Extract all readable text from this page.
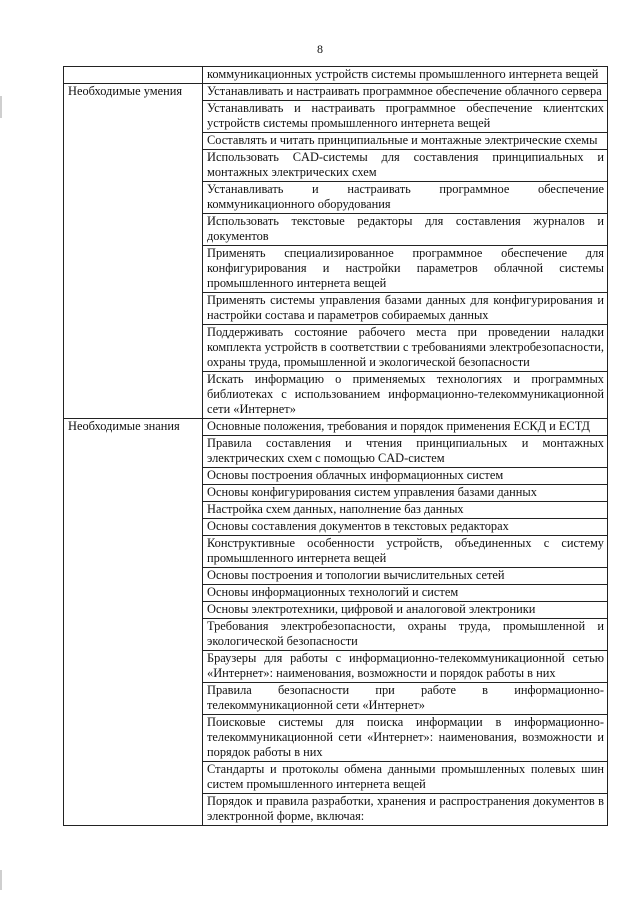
8
	коммуникационных устройств системы промышленного интернета вещей
Необходимые умения	Устанавливать и настраивать программное обеспечение облачного сервера
	Устанавливать и настраивать программное обеспечение клиентских устройств системы промышленного интернета вещей
	Составлять и читать принципиальные и монтажные электрические схемы
	Использовать CAD-системы для составления принципиальных и монтажных электрических схем
	Устанавливать и настраивать программное обеспечение коммуникационного оборудования
	Использовать текстовые редакторы для составления журналов и документов
	Применять специализированное программное обеспечение для конфигурирования и настройки параметров облачной системы промышленного интернета вещей
	Применять системы управления базами данных для конфигурирования и настройки состава и параметров собираемых данных
	Поддерживать состояние рабочего места при проведении наладки комплекта устройств в соответствии с требованиями электробезопасности, охраны труда, промышленной и экологической безопасности
	Искать информацию о применяемых технологиях и программных библиотеках с использованием информационно-телекоммуникационной сети «Интернет»
Необходимые знания	Основные положения, требования и порядок применения ЕСКД и ЕСТД
	Правила составления и чтения принципиальных и монтажных электрических схем с помощью CAD-систем
	Основы построения облачных информационных систем
	Основы конфигурирования систем управления базами данных
	Настройка схем данных, наполнение баз данных
	Основы составления документов в текстовых редакторах
	Конструктивные особенности устройств, объединенных с систему промышленного интернета вещей
	Основы построения и топологии вычислительных сетей
	Основы информационных технологий и систем
	Основы электротехники, цифровой и аналоговой электроники
	Требования электробезопасности, охраны труда, промышленной и экологической безопасности
	Браузеры для работы с информационно-телекоммуникационной сетью «Интернет»: наименования, возможности и порядок работы в них
	Правила безопасности при работе в информационно-телекоммуникационной сети «Интернет»
	Поисковые системы для поиска информации в информационно-телекоммуникационной сети «Интернет»: наименования, возможности и порядок работы в них
	Стандарты и протоколы обмена данными промышленных полевых шин систем промышленного интернета вещей
	Порядок и правила разработки, хранения и распространения документов в электронной форме, включая:
